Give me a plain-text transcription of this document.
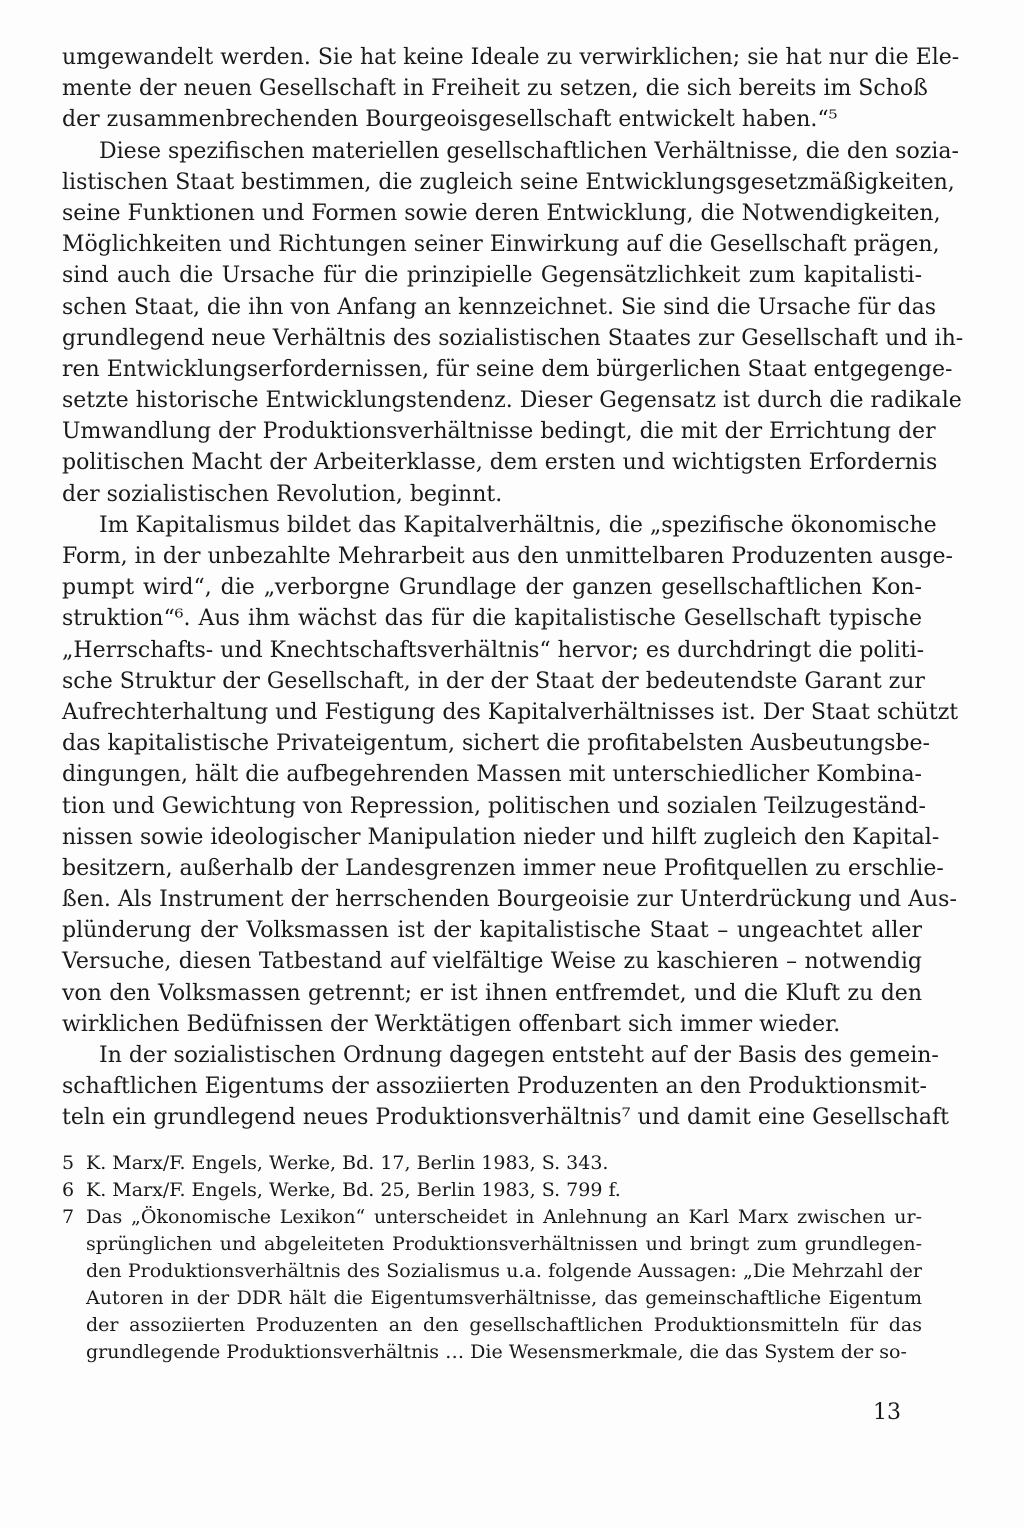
umgewandelt werden. Sie hat keine Ideale zu verwirklichen; sie hat nur die Ele-
mente der neuen Gesellschaft in Freiheit zu setzen, die sich bereits im Schoß
der zusammenbrechenden Bourgeoisgesellschaft entwickelt haben.“⁵
Diese spezifischen materiellen gesellschaftlichen Verhältnisse, die den sozia-
listischen Staat bestimmen, die zugleich seine Entwicklungsgesetzmäßigkeiten,
seine Funktionen und Formen sowie deren Entwicklung, die Notwendigkeiten,
Möglichkeiten und Richtungen seiner Einwirkung auf die Gesellschaft prägen,
sind auch die Ursache für die prinzipielle Gegensätzlichkeit zum kapitalisti-
schen Staat, die ihn von Anfang an kennzeichnet. Sie sind die Ursache für das
grundlegend neue Verhältnis des sozialistischen Staates zur Gesellschaft und ih-
ren Entwicklungserfordernissen, für seine dem bürgerlichen Staat entgegenge-
setzte historische Entwicklungstendenz. Dieser Gegensatz ist durch die radikale
Umwandlung der Produktionsverhältnisse bedingt, die mit der Errichtung der
politischen Macht der Arbeiterklasse, dem ersten und wichtigsten Erfordernis
der sozialistischen Revolution, beginnt.
Im Kapitalismus bildet das Kapitalverhältnis, die „spezifische ökonomische
Form, in der unbezahlte Mehrarbeit aus den unmittelbaren Produzenten ausge-
pumpt wird“, die „verborgne Grundlage der ganzen gesellschaftlichen Kon-
struktion“⁶. Aus ihm wächst das für die kapitalistische Gesellschaft typische
„Herrschafts- und Knechtschaftsverhältnis“ hervor; es durchdringt die politi-
sche Struktur der Gesellschaft, in der der Staat der bedeutendste Garant zur
Aufrechterhaltung und Festigung des Kapitalverhältnisses ist. Der Staat schützt
das kapitalistische Privateigentum, sichert die profitabelsten Ausbeutungsbe-
dingungen, hält die aufbegehrenden Massen mit unterschiedlicher Kombina-
tion und Gewichtung von Repression, politischen und sozialen Teilzugeständ-
nissen sowie ideologischer Manipulation nieder und hilft zugleich den Kapital-
besitzern, außerhalb der Landesgrenzen immer neue Profitquellen zu erschlie-
ßen. Als Instrument der herrschenden Bourgeoisie zur Unterdrückung und Aus-
plünderung der Volksmassen ist der kapitalistische Staat – ungeachtet aller
Versuche, diesen Tatbestand auf vielfältige Weise zu kaschieren – notwendig
von den Volksmassen getrennt; er ist ihnen entfremdet, und die Kluft zu den
wirklichen Bedüfnissen der Werktätigen offenbart sich immer wieder.
In der sozialistischen Ordnung dagegen entsteht auf der Basis des gemein-
schaftlichen Eigentums der assoziierten Produzenten an den Produktionsmit-
teln ein grundlegend neues Produktionsverhältnis⁷ und damit eine Gesellschaft
5 K. Marx/F. Engels, Werke, Bd. 17, Berlin 1983, S. 343.
6 K. Marx/F. Engels, Werke, Bd. 25, Berlin 1983, S. 799 f.
7 Das „Ökonomische Lexikon“ unterscheidet in Anlehnung an Karl Marx zwischen ur-
sprünglichen und abgeleiteten Produktionsverhältnissen und bringt zum grundlegen-
den Produktionsverhältnis des Sozialismus u.a. folgende Aussagen: „Die Mehrzahl der
Autoren in der DDR hält die Eigentumsverhältnisse, das gemeinschaftliche Eigentum
der assoziierten Produzenten an den gesellschaftlichen Produktionsmitteln für das
grundlegende Produktionsverhältnis … Die Wesensmerkmale, die das System der so-
13
